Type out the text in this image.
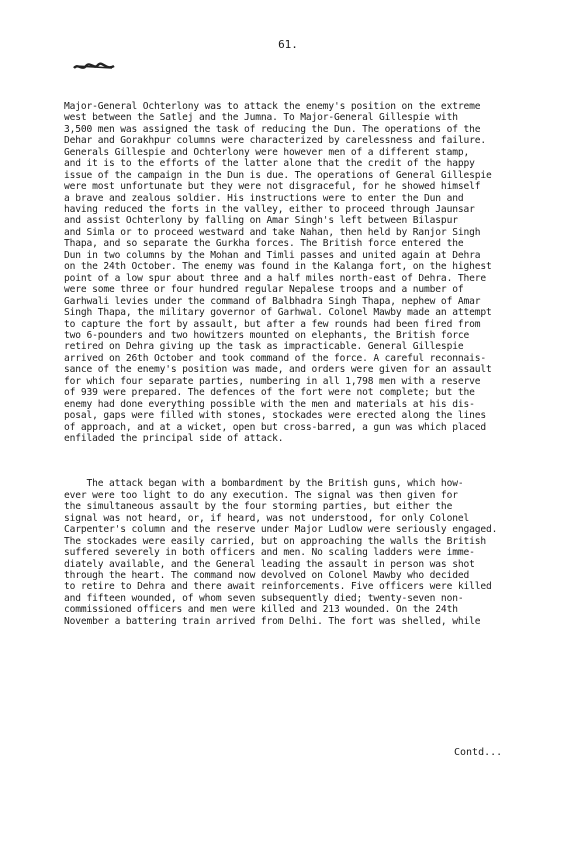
61.

Major-General Ochterlony was to attack the enemy's position on the extreme
west between the Satlej and the Jumna. To Major-General Gillespie with
3,500 men was assigned the task of reducing the Dun. The operations of the
Dehar and Gorakhpur columns were characterized by carelessness and failure.
Generals Gillespie and Ochterlony were however men of a different stamp,
and it is to the efforts of the latter alone that the credit of the happy
issue of the campaign in the Dun is due. The operations of General Gillespie
were most unfortunate but they were not disgraceful, for he showed himself
a brave and zealous soldier. His instructions were to enter the Dun and
having reduced the forts in the valley, either to proceed through Jaunsar
and assist Ochterlony by falling on Amar Singh's left between Bilaspur
and Simla or to proceed westward and take Nahan, then held by Ranjor Singh
Thapa, and so separate the Gurkha forces. The British force entered the
Dun in two columns by the Mohan and Timli passes and united again at Dehra
on the 24th October. The enemy was found in the Kalanga fort, on the highest
point of a low spur about three and a half miles north-east of Dehra. There
were some three or four hundred regular Nepalese troops and a number of
Garhwali levies under the command of Balbhadra Singh Thapa, nephew of Amar
Singh Thapa, the military governor of Garhwal. Colonel Mawby made an attempt
to capture the fort by assault, but after a few rounds had been fired from
two 6-pounders and two howitzers mounted on elephants, the British force
retired on Dehra giving up the task as impracticable. General Gillespie
arrived on 26th October and took command of the force. A careful reconnais-
sance of the enemy's position was made, and orders were given for an assault
for which four separate parties, numbering in all 1,798 men with a reserve
of 939 were prepared. The defences of the fort were not complete; but the
enemy had done everything possible with the men and materials at his dis-
posal, gaps were filled with stones, stockades were erected along the lines
of approach, and at a wicket, open but cross-barred, a gun was which placed
enfiladed the principal side of attack.

The attack began with a bombardment by the British guns, which how-
ever were too light to do any execution. The signal was then given for
the simultaneous assault by the four storming parties, but either the
signal was not heard, or, if heard, was not understood, for only Colonel
Carpenter's column and the reserve under Major Ludlow were seriously engaged.
The stockades were easily carried, but on approaching the walls the British
suffered severely in both officers and men. No scaling ladders were imme-
diately available, and the General leading the assault in person was shot
through the heart. The command now devolved on Colonel Mawby who decided
to retire to Dehra and there await reinforcements. Five officers were killed
and fifteen wounded, of whom seven subsequently died; twenty-seven non-
commissioned officers and men were killed and 213 wounded. On the 24th
November a battering train arrived from Delhi. The fort was shelled, while

Contd...
